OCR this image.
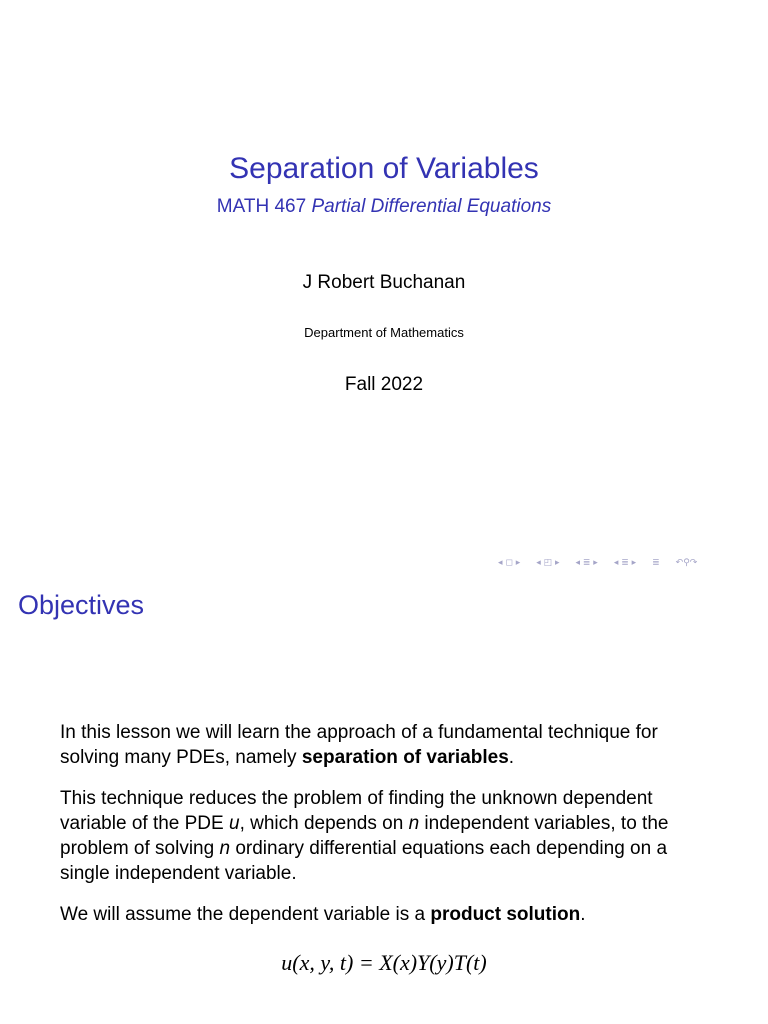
Separation of Variables
MATH 467 Partial Differential Equations
J Robert Buchanan
Department of Mathematics
Fall 2022
◂ ◻ ▸ ◂ ◰ ▸ ◂ ≣ ▸ ◂ ≣ ▸ ≣ ↶⚲↷
Objectives
In this lesson we will learn the approach of a fundamental technique for solving many PDEs, namely separation of variables.
This technique reduces the problem of finding the unknown dependent variable of the PDE u, which depends on n independent variables, to the problem of solving n ordinary differential equations each depending on a single independent variable.
We will assume the dependent variable is a product solution.
u(x, y, t) = X(x)Y(y)T(t)
